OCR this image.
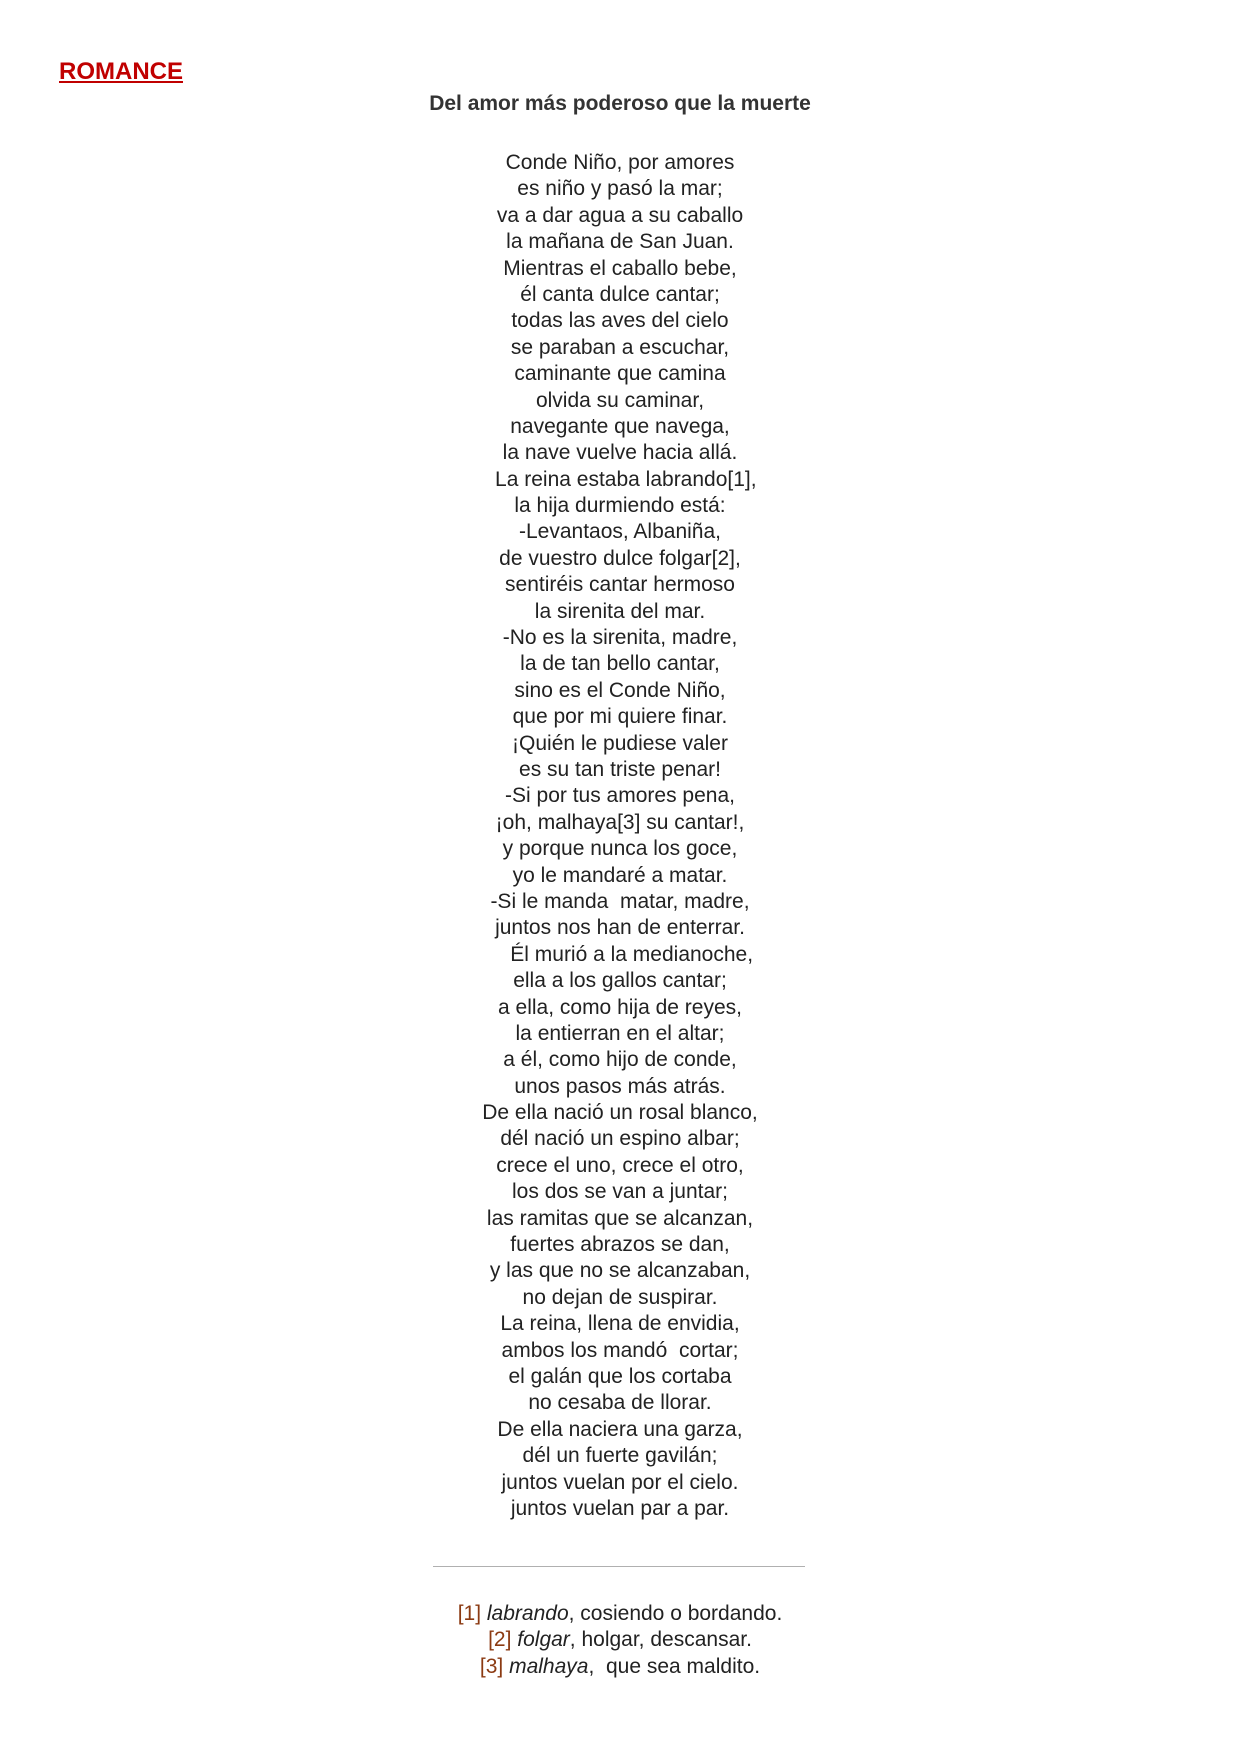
ROMANCE
Del amor más poderoso que la muerte
Conde Niño, por amores
es niño y pasó la mar;
va a dar agua a su caballo
la mañana de San Juan.
Mientras el caballo bebe,
él canta dulce cantar;
todas las aves del cielo
se paraban a escuchar,
caminante que camina
olvida su caminar,
navegante que navega,
la nave vuelve hacia allá.
La reina estaba labrando[1],
la hija durmiendo está:
-Levantaos, Albaniña,
de vuestro dulce folgar[2],
sentiréis cantar hermoso
la sirenita del mar.
-No es la sirenita, madre,
la de tan bello cantar,
sino es el Conde Niño,
que por mi quiere finar.
¡Quién le pudiese valer
es su tan triste penar!
-Si por tus amores pena,
¡oh, malhaya[3] su cantar!,
y porque nunca los goce,
yo le mandaré a matar.
-Si le manda  matar, madre,
juntos nos han de enterrar.
Él murió a la medianoche,
ella a los gallos cantar;
a ella, como hija de reyes,
la entierran en el altar;
a él, como hijo de conde,
unos pasos más atrás.
De ella nació un rosal blanco,
dél nació un espino albar;
crece el uno, crece el otro,
los dos se van a juntar;
las ramitas que se alcanzan,
fuertes abrazos se dan,
y las que no se alcanzaban,
no dejan de suspirar.
La reina, llena de envidia,
ambos los mandó  cortar;
el galán que los cortaba
no cesaba de llorar.
De ella naciera una garza,
dél un fuerte gavilán;
juntos vuelan por el cielo.
juntos vuelan par a par.
[1] labrando, cosiendo o bordando.
[2] folgar, holgar, descansar.
[3] malhaya,  que sea maldito.
